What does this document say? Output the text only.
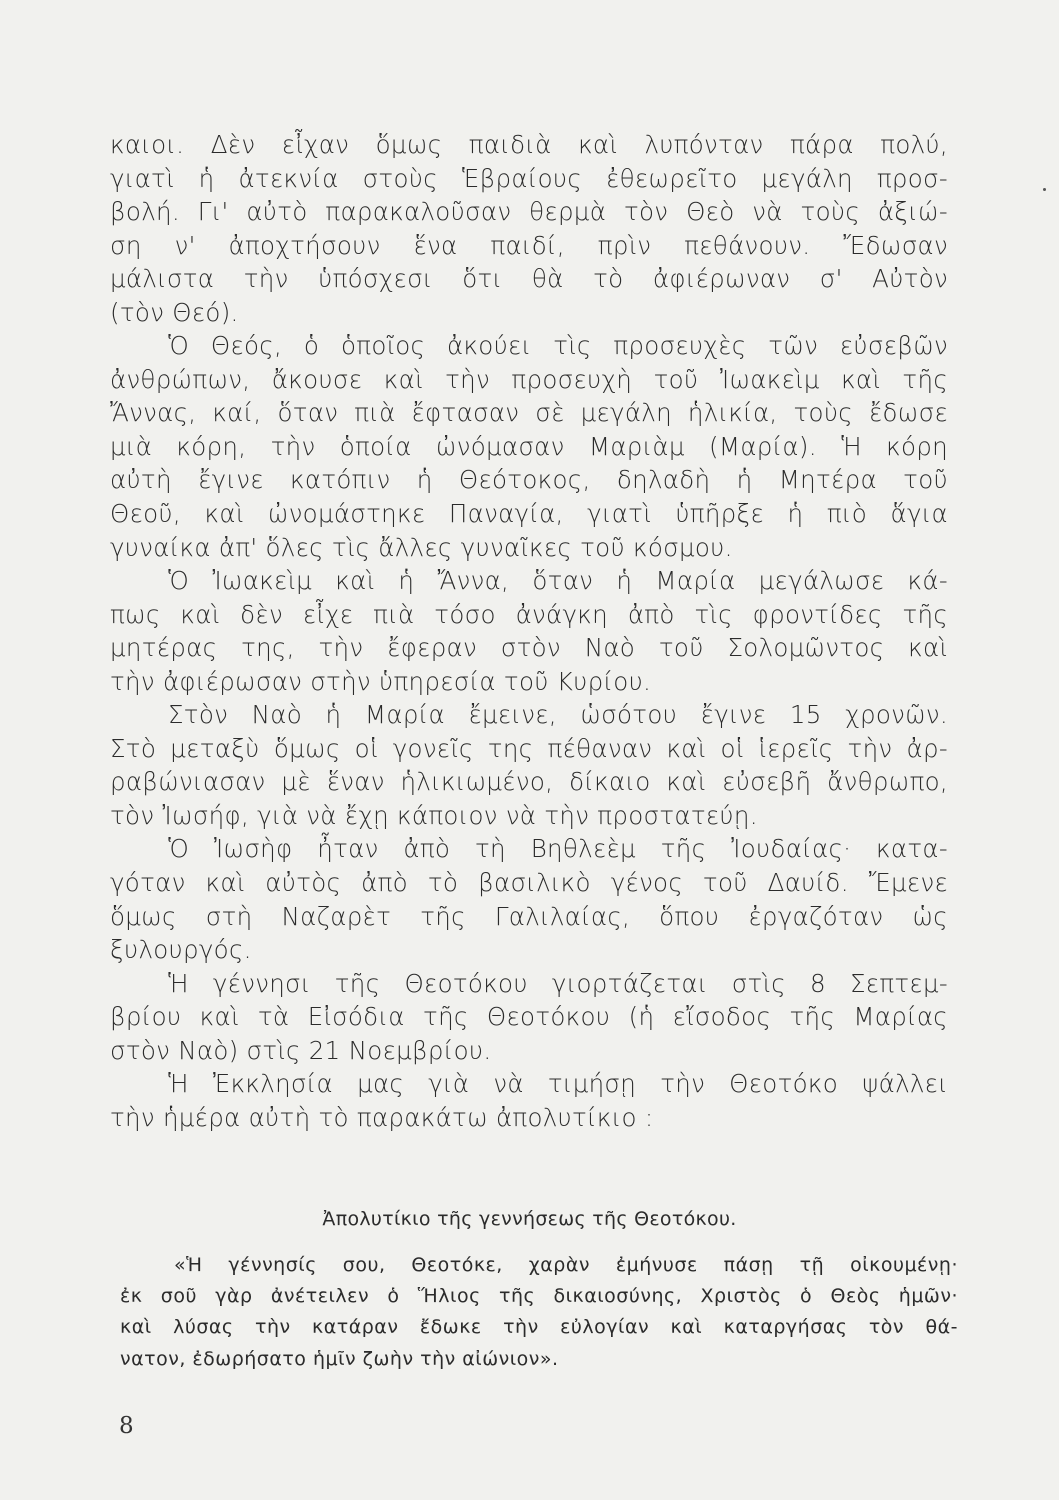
καιοι. Δὲν εἶχαν ὅμως παιδιὰ καὶ λυπόνταν πάρα πολύ,
γιατὶ ἡ ἀτεκνία στοὺς Ἑβραίους ἐθεωρεῖτο μεγάλη προσ-
βολή. Γι' αὐτὸ παρακαλοῦσαν θερμὰ τὸν Θεὸ νὰ τοὺς ἀξιώ-
ση ν' ἀποχτήσουν ἕνα παιδί, πρὶν πεθάνουν. Ἔδωσαν
μάλιστα τὴν ὑπόσχεσι ὅτι θὰ τὸ ἀφιέρωναν σ' Αὐτὸν
(τὸν Θεό).
Ὁ Θεός, ὁ ὁποῖος ἀκούει τὶς προσευχὲς τῶν εὐσεβῶν
ἀνθρώπων, ἄκουσε καὶ τὴν προσευχὴ τοῦ Ἰωακεὶμ καὶ τῆς
Ἄννας, καί, ὅταν πιὰ ἔφτασαν σὲ μεγάλη ἡλικία, τοὺς ἔδωσε
μιὰ κόρη, τὴν ὁποία ὠνόμασαν Μαριὰμ (Μαρία). Ἡ κόρη
αὐτὴ ἔγινε κατόπιν ἡ Θεότοκος, δηλαδὴ ἡ Μητέρα τοῦ
Θεοῦ, καὶ ὠνομάστηκε Παναγία, γιατὶ ὑπῆρξε ἡ πιὸ ἅγια
γυναίκα ἀπ' ὅλες τὶς ἄλλες γυναῖκες τοῦ κόσμου.
Ὁ Ἰωακεὶμ καὶ ἡ Ἄννα, ὅταν ἡ Μαρία μεγάλωσε κά-
πως καὶ δὲν εἶχε πιὰ τόσο ἀνάγκη ἀπὸ τὶς φροντίδες τῆς
μητέρας της, τὴν ἔφεραν στὸν Ναὸ τοῦ Σολομῶντος καὶ
τὴν ἀφιέρωσαν στὴν ὑπηρεσία τοῦ Κυρίου.
Στὸν Ναὸ ἡ Μαρία ἔμεινε, ὡσότου ἔγινε 15 χρονῶν.
Στὸ μεταξὺ ὅμως οἱ γονεῖς της πέθαναν καὶ οἱ ἱερεῖς τὴν ἀρ-
ραβώνιασαν μὲ ἕναν ἡλικιωμένο, δίκαιο καὶ εὐσεβῆ ἄνθρωπο,
τὸν Ἰωσήφ, γιὰ νὰ ἔχῃ κάποιον νὰ τὴν προστατεύῃ.
Ὁ Ἰωσὴφ ἦταν ἀπὸ τὴ Βηθλεὲμ τῆς Ἰουδαίας· κατα-
γόταν καὶ αὐτὸς ἀπὸ τὸ βασιλικὸ γένος τοῦ Δαυίδ. Ἔμενε
ὅμως στὴ Ναζαρὲτ τῆς Γαλιλαίας, ὅπου ἐργαζόταν ὡς
ξυλουργός.
Ἡ γέννησι τῆς Θεοτόκου γιορτάζεται στὶς 8 Σεπτεμ-
βρίου καὶ τὰ Εἰσόδια τῆς Θεοτόκου (ἡ εἴσοδος τῆς Μαρίας
στὸν Ναὸ) στὶς 21 Νοεμβρίου.
Ἡ Ἐκκλησία μας γιὰ νὰ τιμήσῃ τὴν Θεοτόκο ψάλλει
τὴν ἡμέρα αὐτὴ τὸ παρακάτω ἀπολυτίκιο :
Ἀπολυτίκιο τῆς γεννήσεως τῆς Θεοτόκου.
«Ἡ γέννησίς σου, Θεοτόκε, χαρὰν ἐμήνυσε πάσῃ τῇ οἰκουμένῃ·
ἐκ σοῦ γὰρ ἀνέτειλεν ὁ Ἥλιος τῆς δικαιοσύνης, Χριστὸς ὁ Θεὸς ἡμῶν·
καὶ λύσας τὴν κατάραν ἔδωκε τὴν εὐλογίαν καὶ καταργήσας τὸν θά-
νατον, ἐδωρήσατο ἡμῖν ζωὴν τὴν αἰώνιον».
8
